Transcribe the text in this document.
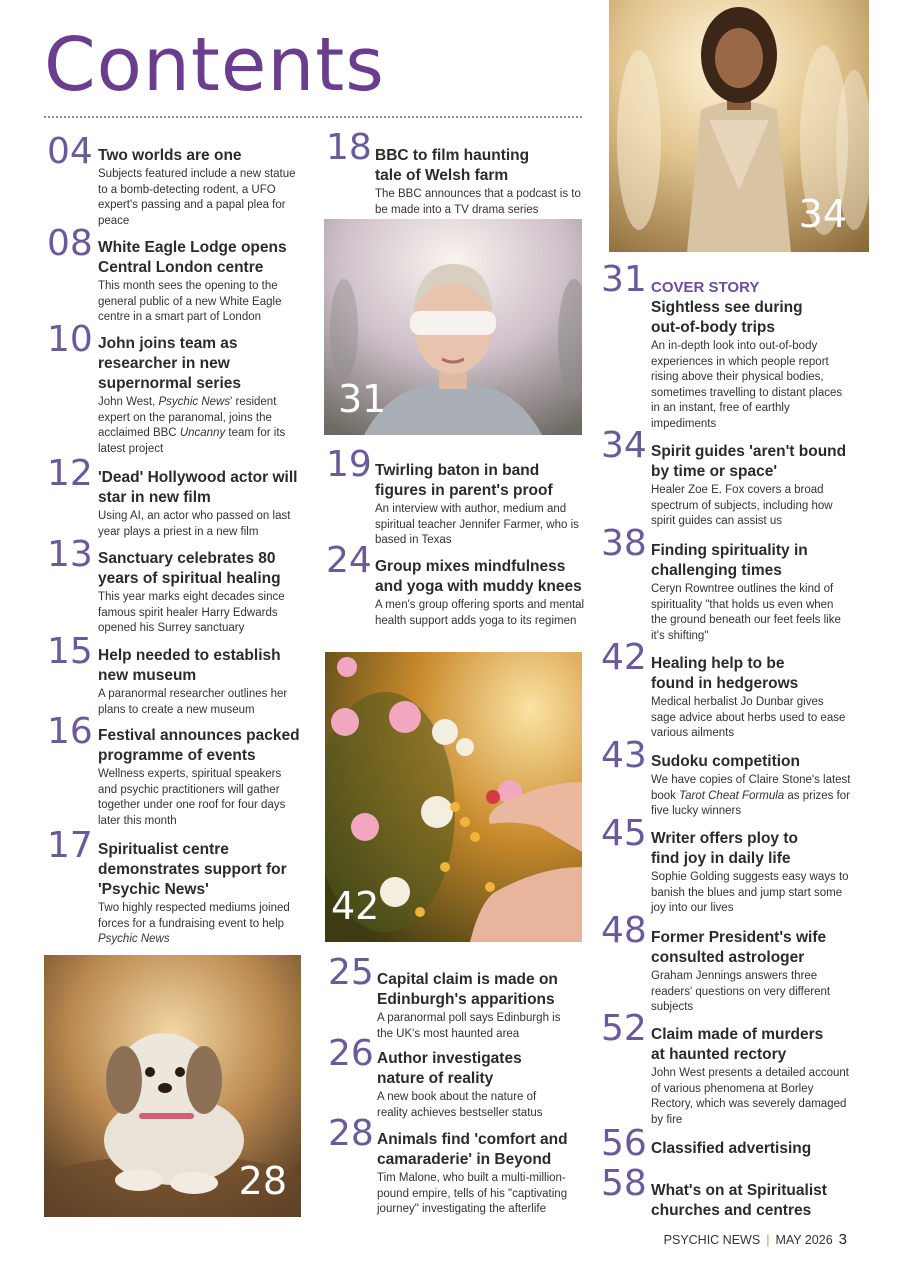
Contents
04 Two worlds are one
Subjects featured include a new statue to a bomb-detecting rodent, a UFO expert's passing and a papal plea for peace
08 White Eagle Lodge opens Central London centre
This month sees the opening to the general public of a new White Eagle centre in a smart part of London
10 John joins team as researcher in new supernormal series
John West, Psychic News' resident expert on the paranomal, joins the acclaimed BBC Uncanny team for its latest project
12 'Dead' Hollywood actor will star in new film
Using AI, an actor who passed on last year plays a priest in a new film
13 Sanctuary celebrates 80 years of spiritual healing
This year marks eight decades since famous spirit healer Harry Edwards opened his Surrey sanctuary
15 Help needed to establish new museum
A paranormal researcher outlines her plans to create a new museum
16 Festival announces packed programme of events
Wellness experts, spiritual speakers and psychic practitioners will gather together under one roof for four days later this month
17 Spiritualist centre demonstrates support for 'Psychic News'
Two highly respected mediums joined forces for a fundraising event to help Psychic News
28
18 BBC to film haunting tale of Welsh farm
The BBC announces that a podcast is to be made into a TV drama series
31
19 Twirling baton in band figures in parent's proof
An interview with author, medium and spiritual teacher Jennifer Farmer, who is based in Texas
24 Group mixes mindfulness and yoga with muddy knees
A men's group offering sports and mental health support adds yoga to its regimen
42
25 Capital claim is made on Edinburgh's apparitions
A paranormal poll says Edinburgh is the UK's most haunted area
26 Author investigates nature of reality
A new book about the nature of reality achieves bestseller status
28 Animals find 'comfort and camaraderie' in Beyond
Tim Malone, who built a multi-million-pound empire, tells of his "captivating journey" investigating the afterlife
34
31 COVER STORY
Sightless see during out-of-body trips
An in-depth look into out-of-body experiences in which people report rising above their physical bodies, sometimes travelling to distant places in an instant, free of earthly impediments
34 Spirit guides 'aren't bound by time or space'
Healer Zoe E. Fox covers a broad spectrum of subjects, including how spirit guides can assist us
38 Finding spirituality in challenging times
Ceryn Rowntree outlines the kind of spirituality "that holds us even when the ground beneath our feet feels like it's shifting"
42 Healing help to be found in hedgerows
Medical herbalist Jo Dunbar gives sage advice about herbs used to ease various ailments
43 Sudoku competition
We have copies of Claire Stone's latest book Tarot Cheat Formula as prizes for five lucky winners
45 Writer offers ploy to find joy in daily life
Sophie Golding suggests easy ways to banish the blues and jump start some joy into our lives
48 Former President's wife consulted astrologer
Graham Jennings answers three readers' questions on very different subjects
52 Claim made of murders at haunted rectory
John West presents a detailed account of various phenomena at Borley Rectory, which was severely damaged by fire
56 Classified advertising
58 What's on at Spiritualist churches and centres
PSYCHIC NEWS | MAY 2026 3
